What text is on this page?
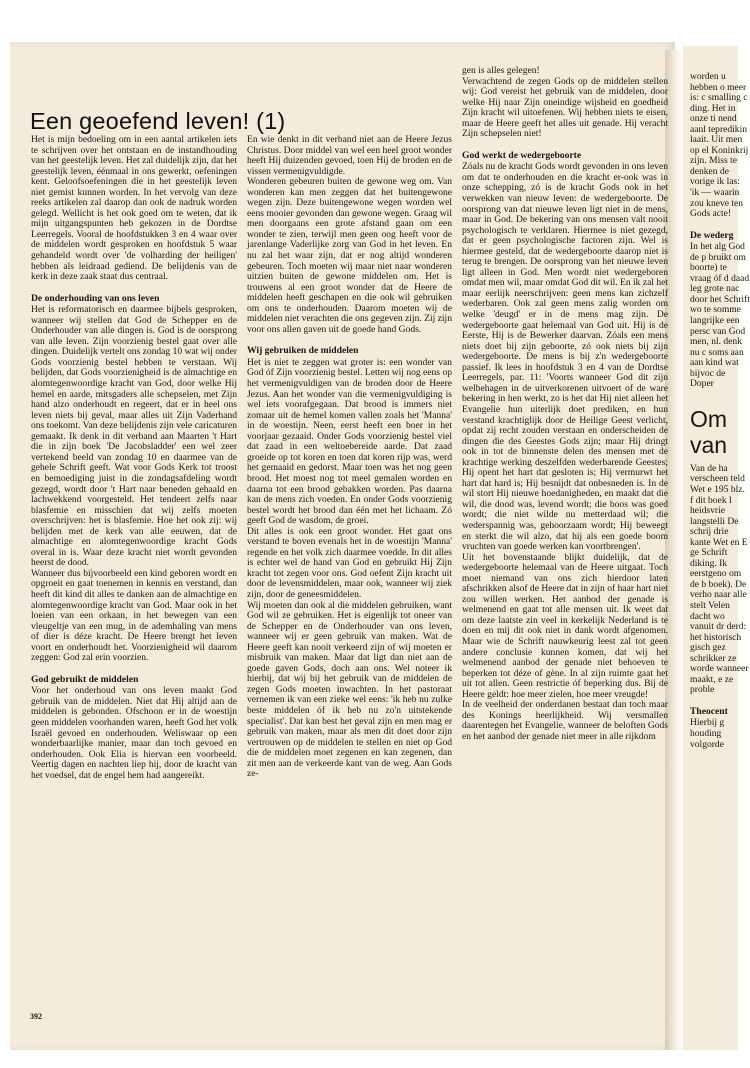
Een geoefend leven! (1)

Het is mijn bedoeling om in een aantal artikelen iets te schrijven over het ontstaan en de instandhouding van het geestelijk leven. Het zal duidelijk zijn, dat het geestelijk leven, éénmaal in ons gewerkt, oefeningen kent. Geloofsoefeningen die in het geestelijk leven niet gemist kunnen worden. In het vervolg van deze reeks artikelen zal daarop dan ook de nadruk worden gelegd. Wellicht is het ook goed om te weten, dat ik mijn uitgangspunten heb gekozen in de Dordtse Leerregels. Vooral de hoofdstukken 3 en 4 waar over de middelen wordt gesproken en hoofdstuk 5 waar gehandeld wordt over 'de volharding der heiligen' hebben als leidraad gediend. De belijdenis van de kerk in deze zaak staat dus centraal.

De onderhouding van ons leven

Het is reformatorisch en daarmee bijbels gesproken, wanneer wij stellen dat God de Schepper en de Onderhouder van alle dingen is. God is de oorsprong van alle leven. Zijn voorzienig bestel gaat over alle dingen. Duidelijk vertelt ons zondag 10 wat wij onder Gods voorzienig bestel hebben te verstaan. Wij belijden, dat Gods voorzienigheid is de almachtige en alomtegenwoordige kracht van God, door welke Hij hemel en aarde, mitsgaders alle schepselen, met Zijn hand alzo onderhoudt en regeert, dat er in heel ons leven niets bij geval, maar alles uit Zijn Vaderhand ons toekomt. Van deze belijdenis zijn vele caricaturen gemaakt. Ik denk in dit verband aan Maarten 't Hart die in zijn boek 'De Jacobsladder' een wel zeer vertekend beeld van zondag 10 en daarmee van de gehele Schrift geeft. Wat voor Gods Kerk tot troost en bemoediging juist in die zondagsafdeling wordt gezegd, wordt door 't Hart naar beneden gehaald en lachwekkend voorgesteld. Het tendeert zelfs naar blasfemie en misschien dat wij zelfs moeten overschrijven: het is blasfemie. Hoe het ook zij: wij belijden met de kerk van alle eeuwen, dat de almachtige en alomtegenwoordige kracht Gods overal in is. Waar deze kracht niet wordt gevonden heerst de dood.

Wanneer dus bijvoorbeeld een kind geboren wordt en opgroeit en gaat toenemen in kennis en verstand, dan heeft dit kind dit alles te danken aan de almachtige en alomtegenwoordige kracht van God. Maar ook in het loeien van een orkaan, in het bewegen van een vleugeltje van een mug, in de ademhaling van mens of dier is déze kracht. De Heere brengt het leven voort en onderhoudt het. Voorzienigheid wil daarom zeggen: God zal erin voorzien.

God gebruikt de middelen

Voor het onderhoud van ons leven maakt God gebruik van de middelen. Niet dat Hij altijd aan de middelen is gebonden. Ofschoon er in de woestijn geen middelen voorhanden waren, heeft God het volk Israël gevoed en onderhouden. Weliswaar op een wonderbaarlijke manier, maar dan toch gevoed en onderhouden. Ook Elia is hiervan een voorbeeld. Veertig dagen en nachten liep hij, door de kracht van het voedsel, dat de engel hem had aangereikt.

En wie denkt in dit verband niet aan de Heere Jezus Christus. Door middel van wel een heel groot wonder heeft Hij duizenden gevoed, toen Hij de broden en de vissen vermenigvuldigde.

Wonderen gebeuren buiten de gewone weg om. Van wonderen kan men zeggen dat het buitengewone wegen zijn. Deze buitengewone wegen worden wel eens mooier gevonden dan gewone wegen. Graag wil men doorgaans een grote afstand gaan om een wonder te zien, terwijl men geen oog heeft voor de jarenlange Vaderlijke zorg van God in het leven. En nu zal het waar zijn, dat er nog altijd wonderen gebeuren. Toch moeten wij maar niet naar wonderen uitzien buiten de gewone middelen om. Het is trouwens al een groot wonder dat de Heere de middelen heeft geschapen en die ook wil gebruiken om ons te onderhouden. Daarom moeten wij de middelen niet verachten die ons gegeven zijn. Zij zijn voor ons allen gaven uit de goede hand Gods.

Wij gebruiken de middelen

Het is niet te zeggen wat groter is: een wonder van God óf Zijn voorzienig bestel. Letten wij nog eens op het vermenigvuldigen van de broden door de Heere Jezus. Aan het wonder van die vermenigvuldiging is wel iets voorafgegaan. Dat brood is immers niet zomaar uit de hemel komen vallen zoals het 'Manna' in de woestijn. Neen, eerst heeft een boer in het voorjaar gezaaid. Onder Gods voorzienig bestel viel dat zaad in een weltoebereide aarde. Dat zaad groeide op tot koren en toen dat koren rijp was, werd het gemaaid en gedorst. Maar toen was het nog geen brood. Het moest nog tot meel gemalen worden en daarna tot een brood gebakken worden. Pas daarna kan de mens zich voeden. En onder Gods voorzienig bestel wordt het brood dan één met het lichaam. Zó geeft God de wasdom, de groei.

Dit alles is ook een groot wonder. Het gaat ons verstand te boven evenals het in de woestijn 'Manna' regende en het volk zich daarmee voedde. In dit alles is echter wel de hand van God en gebruikt Hij Zijn kracht tot zegen voor ons. God oefent Zijn kracht uit door de levensmiddelen, maar ook, wanneer wij ziek zijn, door de geneesmiddelen.

Wij moeten dan ook al die middelen gebruiken, want God wil ze gebruiken. Het is eigenlijk tot oneer van de Schepper en de Onderhouder van ons leven, wanneer wij er geen gebruik van maken. Wat de Heere geeft kan nooit verkeerd zijn of wij moeten er misbruik van maken. Maar dat ligt dan niet aan de goede gaven Gods, doch aan ons. Wel noteer ik hierbij, dat wij bij het gebruik van de middelen de zegen Gods moeten inwachten. In het pastoraat vernemen ik van een zieke wel eens: 'ik heb nu zulke beste middelen óf ik heb nu zo'n uitstekende specialist'. Dat kan best het geval zijn en men mag er gebruik van maken, maar als men dit doet door zijn vertrouwen op de middelen te stellen en niet op God die de middelen moet zegenen en kan zegenen, dan zit men aan de verkeerde kant van de weg. Aan Gods ze-

gen is alles gelegen!

Verwachtend de zegen Gods op de middelen stellen wij: God vereist het gebruik van de middelen, door welke Hij naar Zijn oneindige wijsheid en goedheid Zijn kracht wil uitoefenen. Wij hebben niets te eisen, maar de Heere geeft het alles uit genade. Hij veracht Zijn schepselen niet!

God werkt de wedergeboorte

Zóals nu de kracht Gods wordt gevonden in ons leven om dat te onderhouden en die kracht er-ook was in onze schepping, zó is de kracht Gods ook in het verwekken van nieuw leven: de wedergeboorte. De oorsprong van dat nieuwe leven ligt niet in de mens, maar in God. De bekering van ons mensen valt nooit psychologisch te verklaren. Hiermee is niet gezegd, dat er geen psychologische factoren zijn. Wel is hiermee gesteld, dat de wedergeboorte daarop niet is terug te brengen. De oorsprong van het nieuwe leven ligt alleen in God. Men wordt niet wedergeboren omdat men wil, maar omdat God dit wil. En ik zal het maar eerlijk neerschrijven: geen mens kan zichzelf wederbaren. Ook zal geen mens zalig worden om welke 'deugd' er in de mens mag zijn. De wedergeboorte gaat helemaal van God uit. Hij is de Eerste, Hij is de Bewerker daarvan. Zóals een mens niets doet bij zijn geboorte, zó ook niets bij zijn wedergeboorte. De mens is bij z'n wedergeboorte passief. Ik lees in hoofdstuk 3 en 4 van de Dordtse Leerregels, par. 11: 'Voorts wanneer God dit zijn welbehagen in de uitverkorenen uitvoert of de ware bekering in hen werkt, zo is het dat Hij niet alleen het Evangelie hun uiterlijk doet prediken, en hun verstand krachtiglijk door de Heilige Geest verlicht, opdat zij recht zouden verstaan en onderscheiden de dingen die des Geestes Gods zijn; maar Hij dringt ook in tot de binnenste delen des mensen met de krachtige werking deszelfden wederbarende Geestes; Hij opent het hart dat gesloten is; Hij vermurwt het hart dat hard is; Hij besnijdt dat onbesneden is. In de wil stort Hij nieuwe hoedanigheden, en maakt dat die wil, die dood was, levend wordt; die boos was goed wordt; die niet wilde nu metterdaad wil; die wederspannig was, gehoorzaam wordt; Hij beweegt en sterkt die wil alzo, dat hij als een goede boom vruchten van goede werken kan voortbrengen'.

Uit het bovenstaande blijkt duidelijk, dat de wedergeboorte helemaal van de Heere uitgaat. Toch moet niemand van ons zich hierdoor laten afschrikken alsof de Heere dat in zijn of haar hart niet zou willen werken. Het aanbod der genade is welmenend en gaat tot alle mensen uit. Ik weet dat om deze laatste zin veel in kerkelijk Nederland is te doen en mij dit ook niet in dank wordt afgenomen. Maar wie de Schrift nauwkeurig leest zal tot geen andere conclusie kunnen komen, dat wij het welmenend aanbod der genade niet behoeven te beperken tot déze of gène. In al zijn ruimte gaat het uit tot allen. Geen restrictie óf beperking dus. Bij de Heere geldt: hoe meer zielen, hoe meer vreugde!

In de veelheid der onderdanen bestaat dan toch maar des Konings heerlijkheid. Wij versmallen daarentegen het Evangelie, wanneer de beloften Gods en het aanbod der genade niet meer in alle rijkdom

worden u hebben o meer is: c smalling c ding. Het in onze ti nend aanl tepredikin laait. Uit men op el Koninkrij zijn. Miss te denken de vorige ik las: 'ik — waarin zou kneve ten Gods acte!

De wederg

In het alg God de p bruikt om boorte) te vraag óf d daad leg grote nac door het Schrift wo te somme langrijke een persc van God men, nl. denk nu c soms aan aan kind wat bijvoc de Doper

Om
van

Van de ha verscheen teld Wet e 195 blz. f dit boek l heidsvrie langstelli De schrij drie kante Wet en E ge Schrift diking. Ik eerstgeno om de b boek). De verho naar alle stelt Velen dacht wo vanuit dr derd: het historisch gisch gez schrikker ze worde wanneer maakt, e ze proble

Theocent

Hierbij g houding volgorde

392
